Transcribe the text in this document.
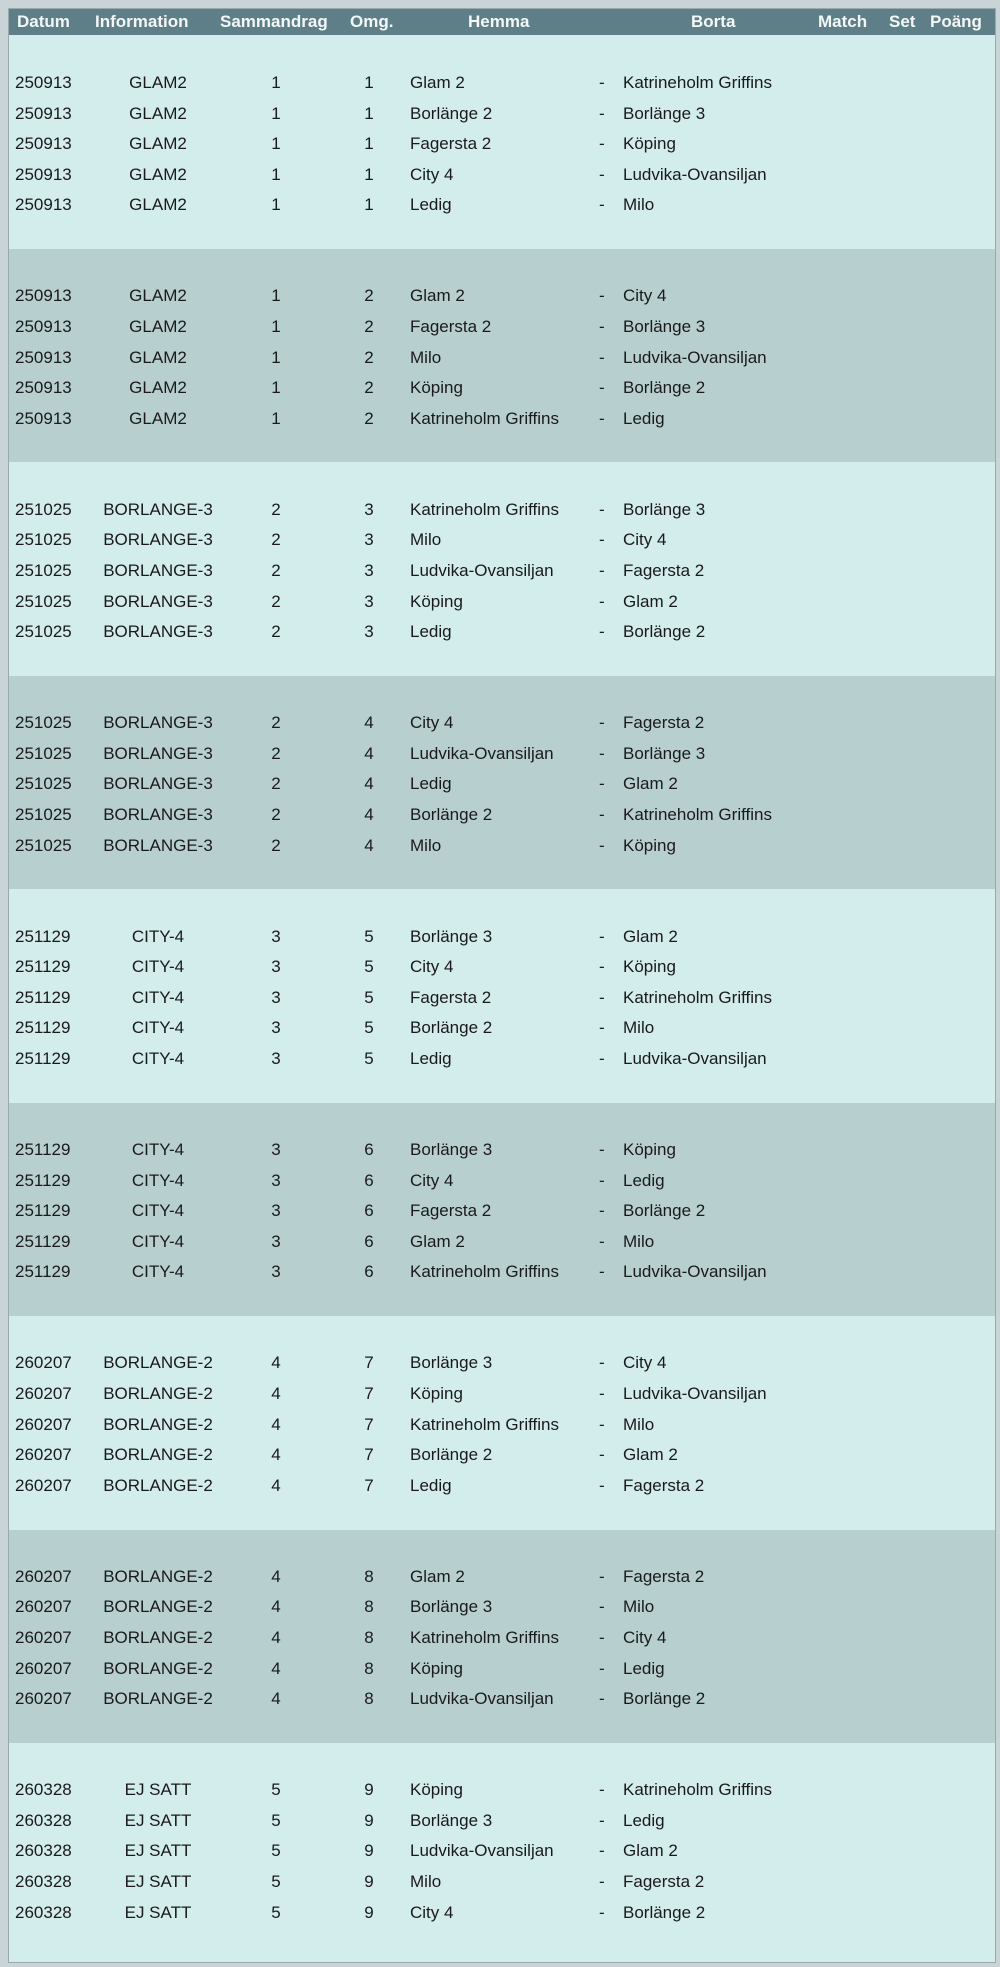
Datum Information Sammandrag Omg.	Hemma	Borta	Match Set Poäng
250913	GLAM2	1	1	Glam 2	- Katrineholm Griffins
250913	GLAM2	1	1	Borlänge 2	- Borlänge 3
250913	GLAM2	1	1	Fagersta 2	- Köping
250913	GLAM2	1	1	City 4	- Ludvika-Ovansiljan
250913	GLAM2	1	1	Ledig	- Milo
250913	GLAM2	1	2	Glam 2	- City 4
250913	GLAM2	1	2	Fagersta 2	- Borlänge 3
250913	GLAM2	1	2	Milo	- Ludvika-Ovansiljan
250913	GLAM2	1	2	Köping	- Borlänge 2
250913	GLAM2	1	2	Katrineholm Griffins - Ledig
251025	BORLANGE-3	2	3	Katrineholm Griffins - Borlänge 3
251025	BORLANGE-3	2	3	Milo	- City 4
251025	BORLANGE-3	2	3	Ludvika-Ovansiljan	- Fagersta 2
251025	BORLANGE-3	2	3	Köping	- Glam 2
251025	BORLANGE-3	2	3	Ledig	- Borlänge 2
251025	BORLANGE-3	2	4	City 4	- Fagersta 2
251025	BORLANGE-3	2	4	Ludvika-Ovansiljan	- Borlänge 3
251025	BORLANGE-3	2	4	Ledig	- Glam 2
251025	BORLANGE-3	2	4	Borlänge 2	- Katrineholm Griffins
251025	BORLANGE-3	2	4	Milo	- Köping
251129	CITY-4	3	5	Borlänge 3	- Glam 2
251129	CITY-4	3	5	City 4	- Köping
251129	CITY-4	3	5	Fagersta 2	- Katrineholm Griffins
251129	CITY-4	3	5	Borlänge 2	- Milo
251129	CITY-4	3	5	Ledig	- Ludvika-Ovansiljan
251129	CITY-4	3	6	Borlänge 3	- Köping
251129	CITY-4	3	6	City 4	- Ledig
251129	CITY-4	3	6	Fagersta 2	- Borlänge 2
251129	CITY-4	3	6	Glam 2	- Milo
251129	CITY-4	3	6	Katrineholm Griffins - Ludvika-Ovansiljan
260207	BORLANGE-2	4	7	Borlänge 3	- City 4
260207	BORLANGE-2	4	7	Köping	- Ludvika-Ovansiljan
260207	BORLANGE-2	4	7	Katrineholm Griffins - Milo
260207	BORLANGE-2	4	7	Borlänge 2	- Glam 2
260207	BORLANGE-2	4	7	Ledig	- Fagersta 2
260207	BORLANGE-2	4	8	Glam 2	- Fagersta 2
260207	BORLANGE-2	4	8	Borlänge 3	- Milo
260207	BORLANGE-2	4	8	Katrineholm Griffins - City 4
260207	BORLANGE-2	4	8	Köping	- Ledig
260207	BORLANGE-2	4	8	Ludvika-Ovansiljan	- Borlänge 2
260328	EJ SATT	5	9	Köping	- Katrineholm Griffins
260328	EJ SATT	5	9	Borlänge 3	- Ledig
260328	EJ SATT	5	9	Ludvika-Ovansiljan	- Glam 2
260328	EJ SATT	5	9	Milo	- Fagersta 2
260328	EJ SATT	5	9	City 4	- Borlänge 2
